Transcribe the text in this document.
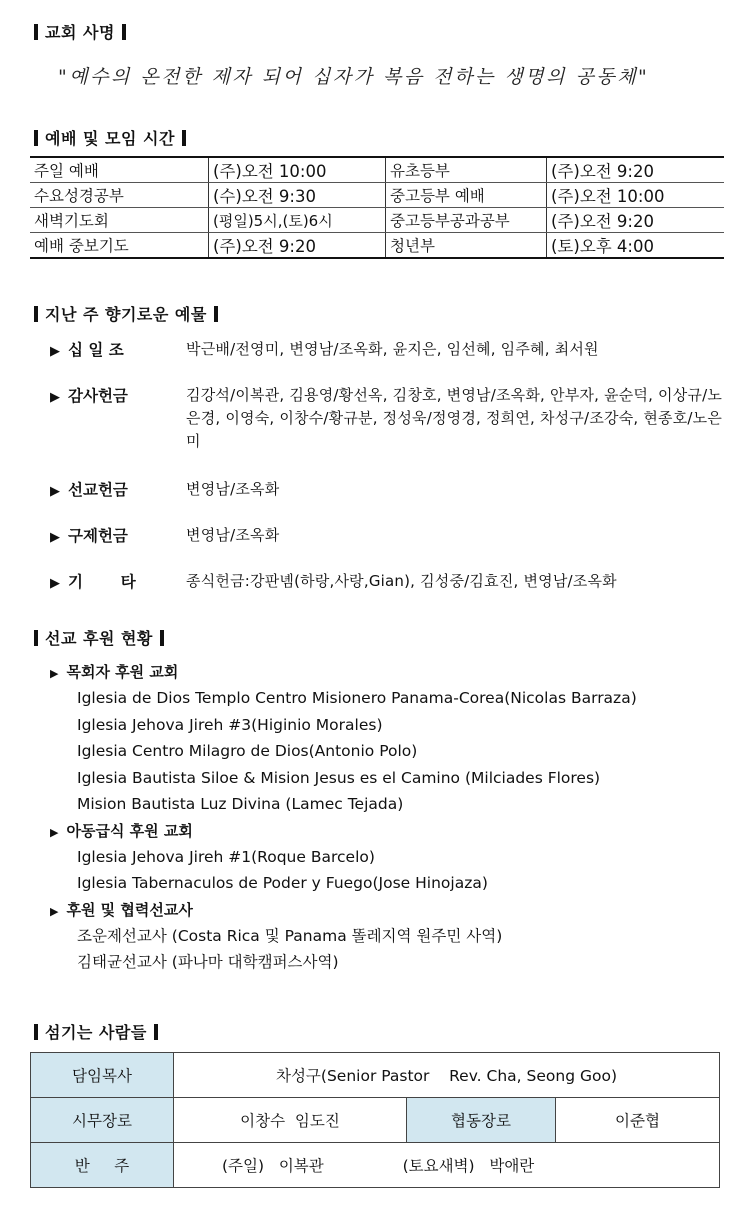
교회 사명
"예수의 온전한 제자 되어 십자가 복음 전하는 생명의 공동체"
예배 및 모임 시간
주일 예배	(주)오전 10:00	유초등부	(주)오전 9:20
수요성경공부	(수)오전 9:30	중고등부 예배	(주)오전 10:00
새벽기도회	(평일)5시,(토)6시	중고등부공과공부	(주)오전 9:20
예배 중보기도	(주)오전 9:20	청년부	(토)오후 4:00
지난 주 향기로운 예물
▶ 십 일 조	박근배/전영미, 변영남/조옥화, 윤지은, 임선혜, 임주혜, 최서원
▶ 감사헌금	김강석/이복관, 김용영/황선옥, 김창호, 변영남/조옥화, 안부자, 윤순덕, 이상규/노은경, 이영숙, 이창수/황규분, 정성욱/정영경, 정희연, 차성구/조강숙, 현종호/노은미
▶ 선교헌금	변영남/조옥화
▶ 구제헌금	변영남/조옥화
▶ 기       타	종식헌금:강판녬(하랑,사랑,Gian), 김성중/김효진, 변영남/조옥화
선교 후원 현황
▶ 목회자 후원 교회
Iglesia de Dios Templo Centro Misionero Panama-Corea(Nicolas Barraza)
Iglesia Jehova Jireh #3(Higinio Morales)
Iglesia Centro Milagro de Dios(Antonio Polo)
Iglesia Bautista Siloe & Mision Jesus es el Camino (Milciades Flores)
Mision Bautista Luz Divina (Lamec Tejada)
▶ 아동급식 후원 교회
Iglesia Jehova Jireh #1(Roque Barcelo)
Iglesia Tabernaculos de Poder y Fuego(Jose Hinojaza)
▶ 후원 및 협력선교사
조운제선교사 (Costa Rica 및 Panama 똘레지역 원주민 사역)
김태균선교사 (파나마 대학캠퍼스사역)
섬기는 사람들
담임목사	차성구(Senior Pastor    Rev. Cha, Seong Goo)		
시무장로	이창수  임도진	협동장로	이준협
반     주	(주일)   이복관                (토요새벽)   박애란		
